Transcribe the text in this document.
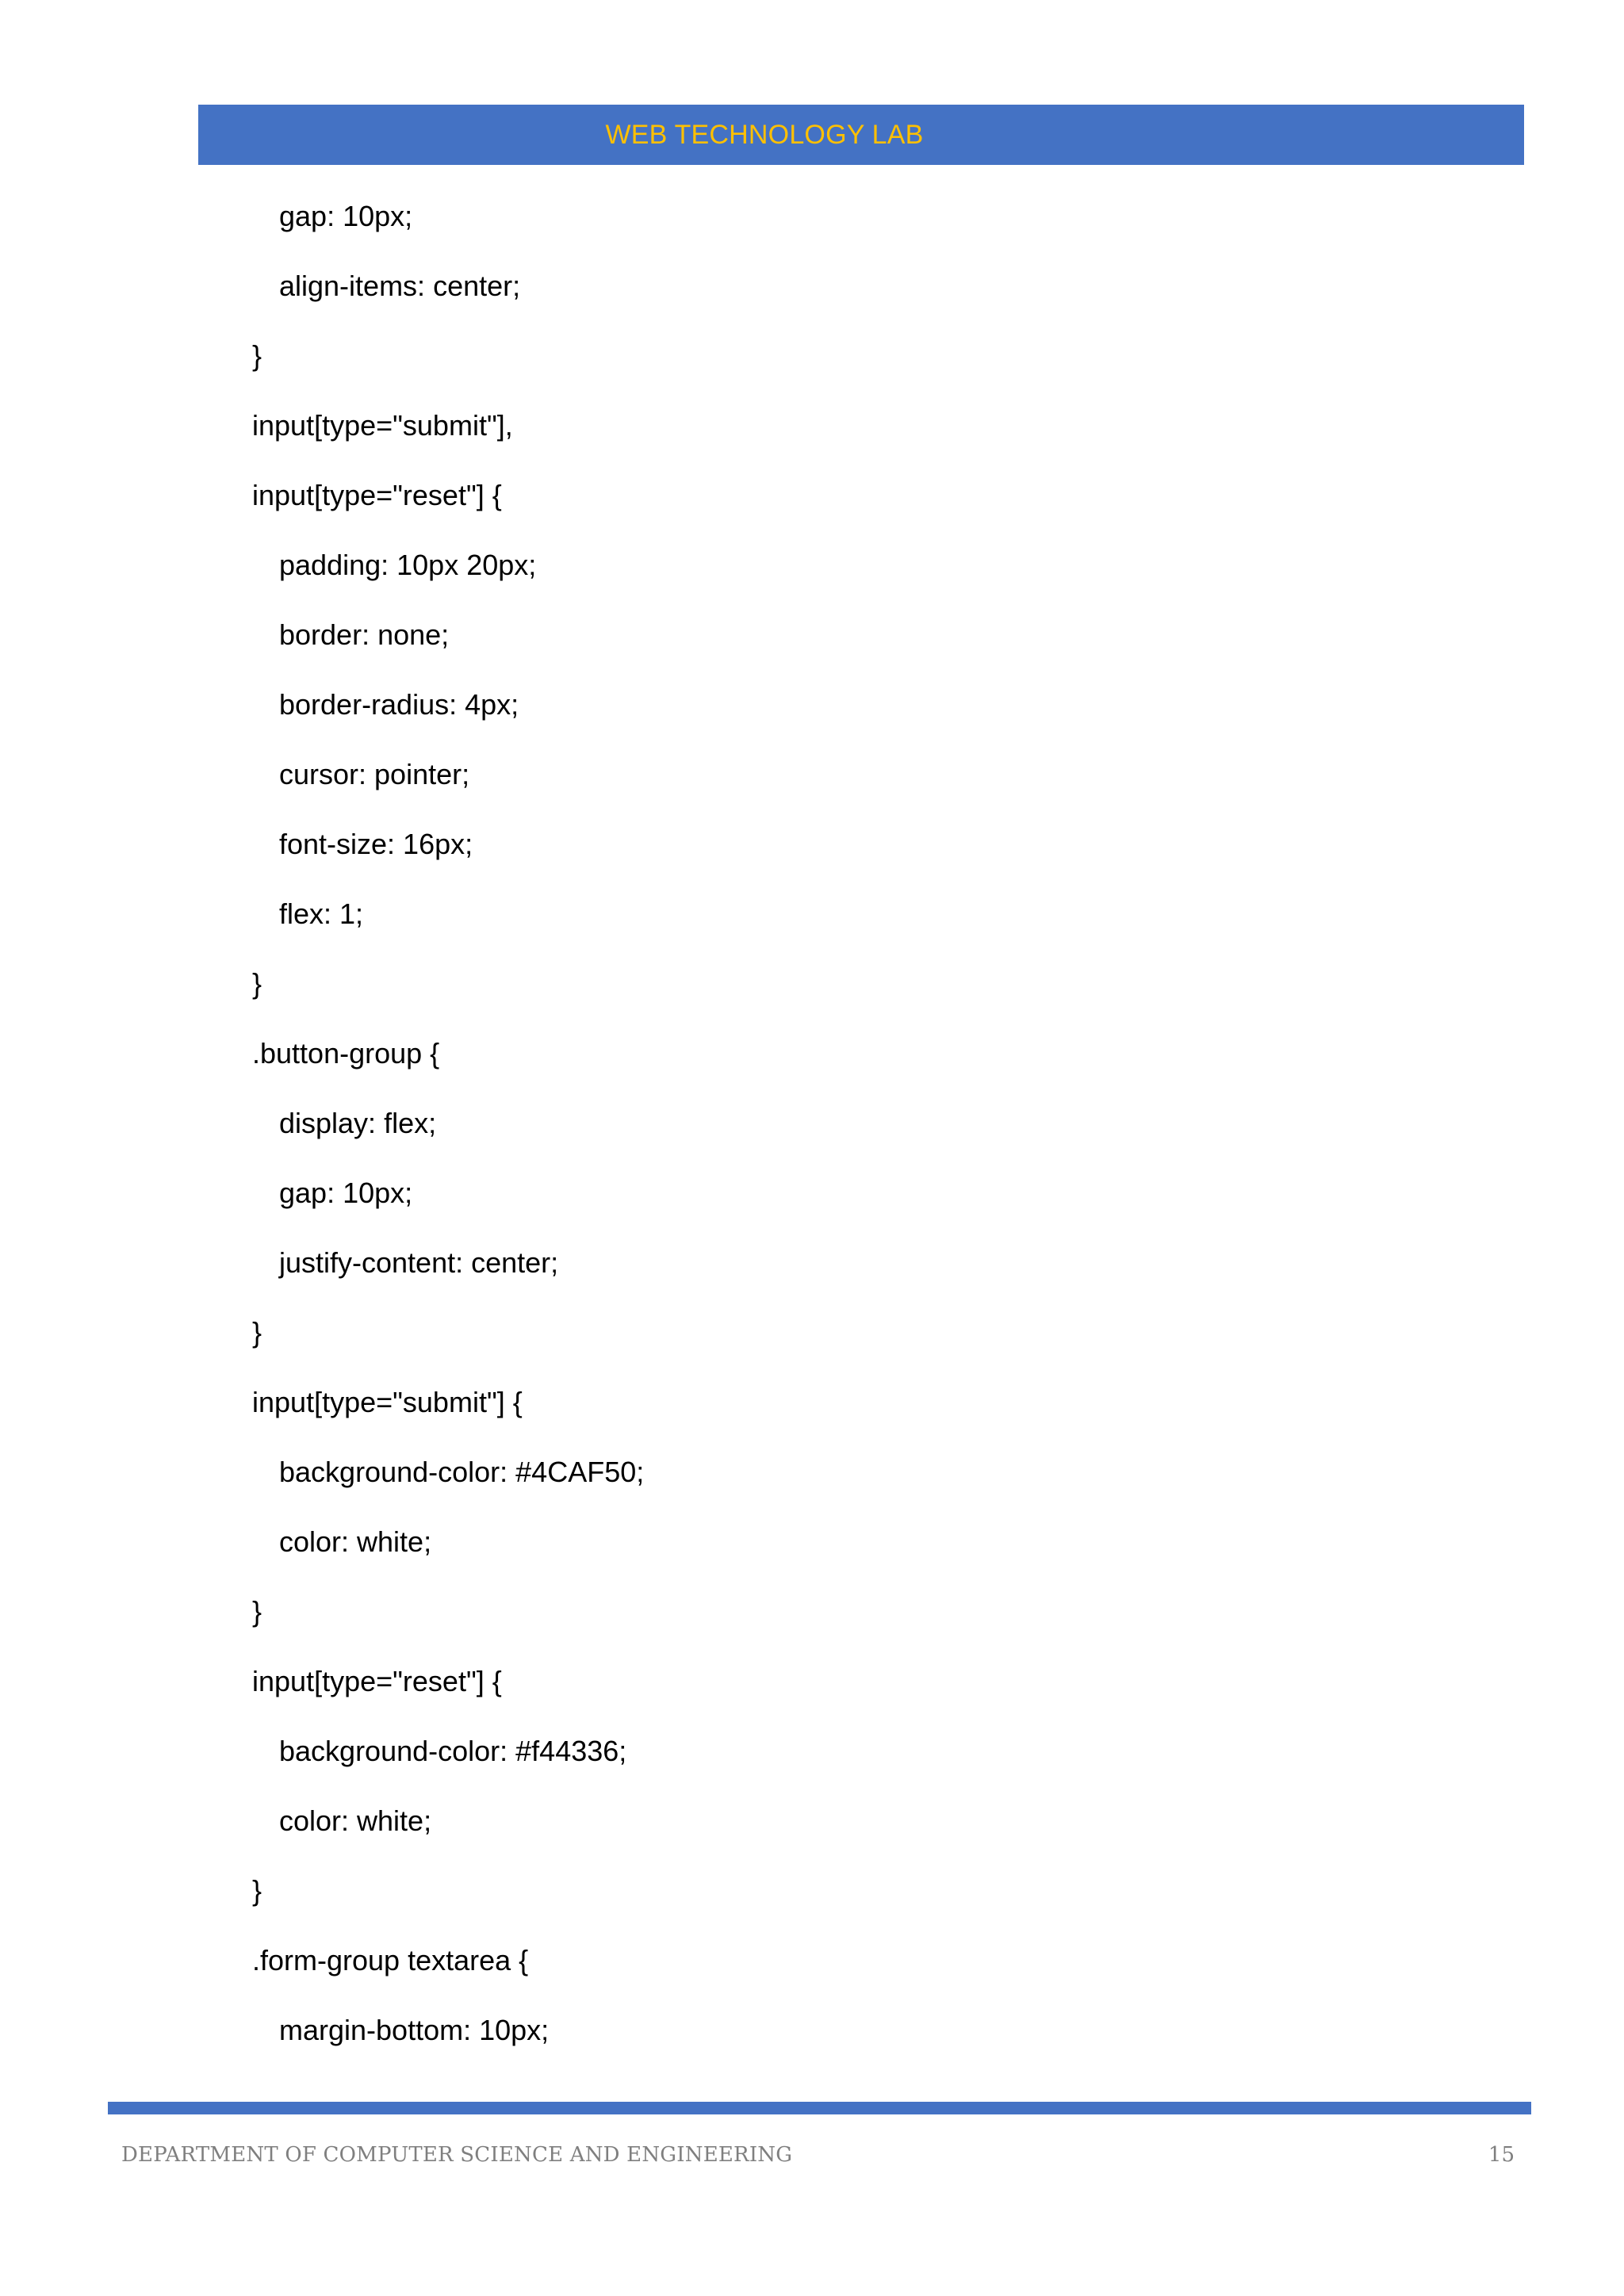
WEB TECHNOLOGY LAB
gap: 10px;
align-items: center;
}
input[type="submit"],
input[type="reset"] {
padding: 10px 20px;
border: none;
border-radius: 4px;
cursor: pointer;
font-size: 16px;
flex: 1;
}
.button-group {
display: flex;
gap: 10px;
justify-content: center;
}
input[type="submit"] {
background-color: #4CAF50;
color: white;
}
input[type="reset"] {
background-color: #f44336;
color: white;
}
.form-group textarea {
margin-bottom: 10px;
DEPARTMENT OF COMPUTER SCIENCE AND ENGINEERING	15
